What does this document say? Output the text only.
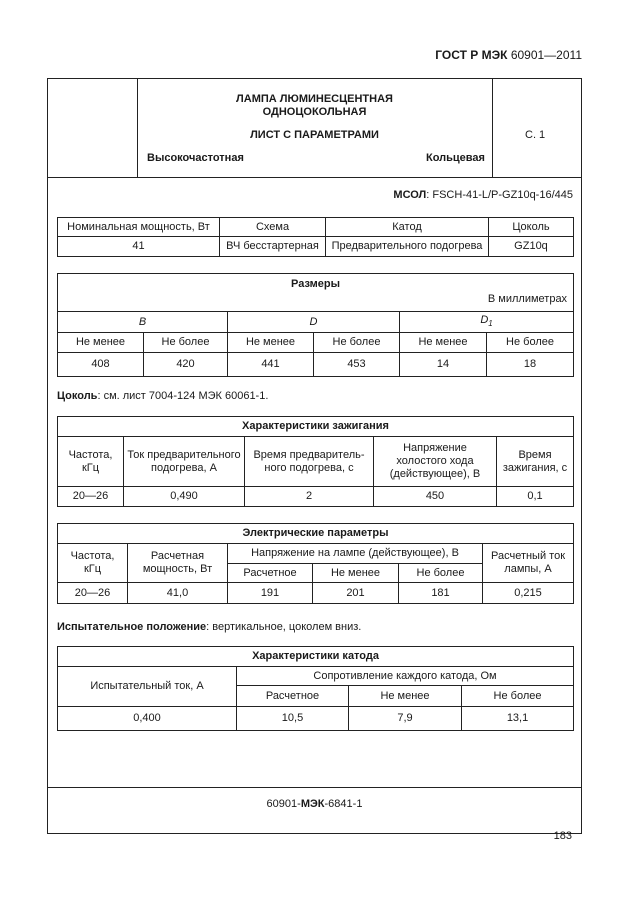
ГОСТ Р МЭК 60901—2011
ЛАМПА ЛЮМИНЕСЦЕНТНАЯ
ОДНОЦОКОЛЬНАЯ
ЛИСТ С ПАРАМЕТРАМИ
Высокочастотная	Кольцевая
С. 1
60901-МЭК-6841-1
МСОЛ: FSCH-41-L/P-GZ10q-16/445
Номинальная мощность, Вт	Схема	Катод	Цоколь
41	ВЧ бесстартерная	Предварительного подогрева	GZ10q
Размеры
В миллиметрах					

B		D		$D_1$
Не менее	Не более	Не менее	Не более	Не менее	Не более
408	420	441	453	14	18
Цоколь: см. лист 7004-124 МЭК 60061-1.
Характеристики зажигания				
Частота, кГц	Ток предварительного подогрева, А	Время предваритель-ного подогрева, с	Напряжение холостого хода (действующее), В	Время зажигания, с
20—26	0,490	2	450	0,1
Электрические параметры					
Частота, кГц	Расчетная мощность, Вт	Напряжение на лампе (действующее), В			Расчетный ток лампы, А
		Расчетное	Не менее	Не более	
20—26	41,0	191	201	181	0,215
Испытательное положение: вертикальное, цоколем вниз.
Характеристики катода			
Испытательный ток, А	Сопротивление каждого катода, Ом		
	Расчетное	Не менее	Не более
0,400	10,5	7,9	13,1
183
